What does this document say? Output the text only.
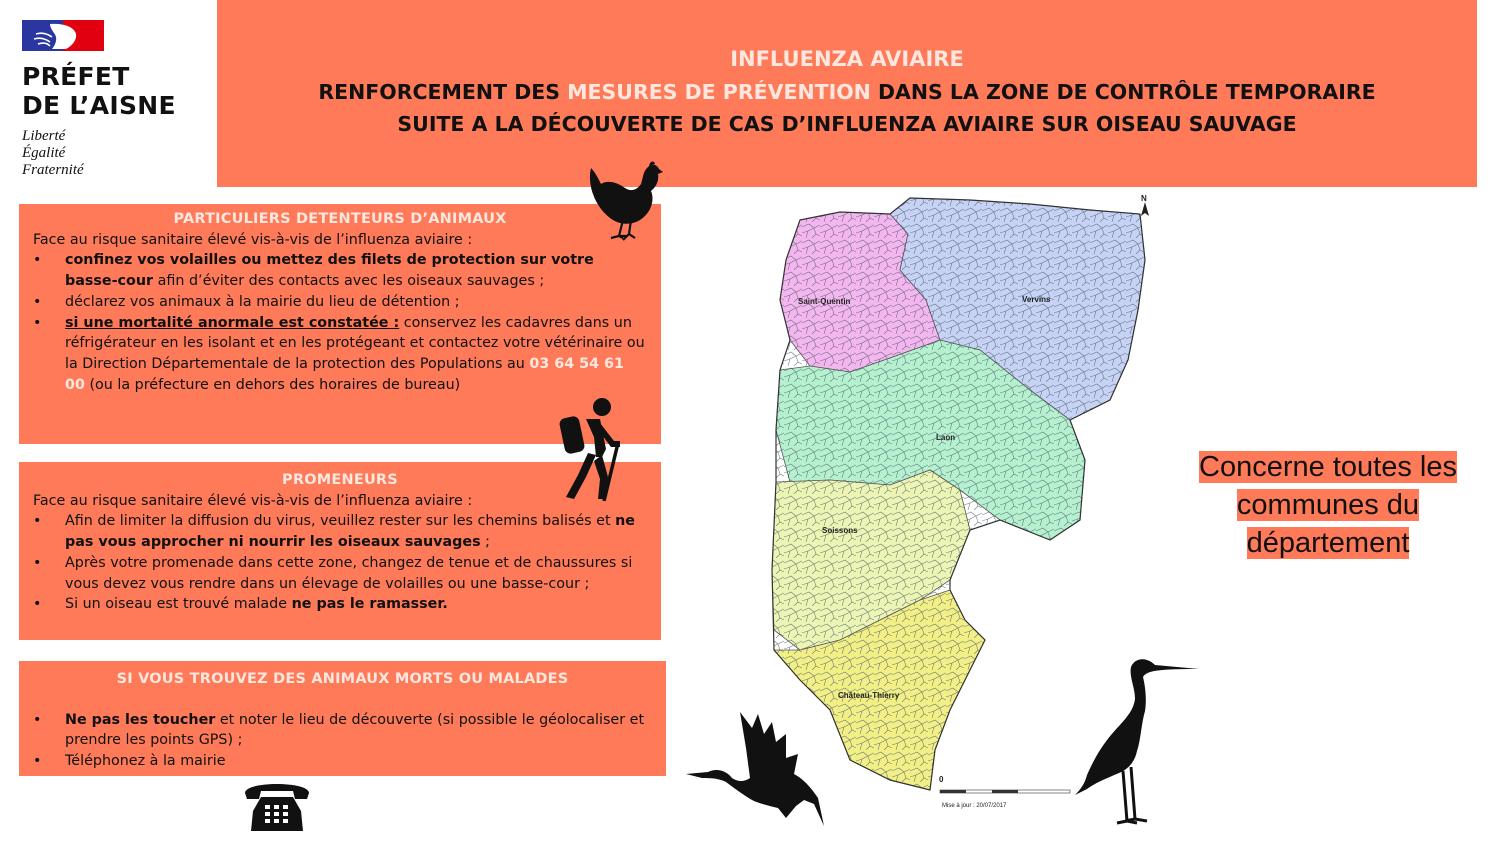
PRÉFET
DE L’AISNE
Liberté
Égalité
Fraternité
INFLUENZA AVIAIRE
RENFORCEMENT DES MESURES DE PRÉVENTION DANS LA ZONE DE CONTRÔLE TEMPORAIRE
SUITE A LA DÉCOUVERTE DE CAS D’INFLUENZA AVIAIRE SUR OISEAU SAUVAGE
PARTICULIERS DETENTEURS D’ANIMAUX
Face au risque sanitaire élevé vis-à-vis de l’influenza aviaire :
• confinez vos volailles ou mettez des filets de protection sur votre basse-cour afin d’éviter des contacts avec les oiseaux sauvages ;
• déclarez vos animaux à la mairie du lieu de détention ;
• si une mortalité anormale est constatée : conservez les cadavres dans un réfrigérateur en les isolant et en les protégeant et contactez votre vétérinaire ou la Direction Départementale de la protection des Populations au 03 64 54 61 00 (ou la préfecture en dehors des horaires de bureau)
PROMENEURS
Face au risque sanitaire élevé vis-à-vis de l’influenza aviaire :
• Afin de limiter la diffusion du virus, veuillez rester sur les chemins balisés et ne pas vous approcher ni nourrir les oiseaux sauvages ;
• Après votre promenade dans cette zone, changez de tenue et de chaussures si vous devez vous rendre dans un élevage de volailles ou une basse-cour ;
• Si un oiseau est trouvé malade ne pas le ramasser.
SI VOUS TROUVEZ DES ANIMAUX MORTS OU MALADES
• Ne pas les toucher et noter le lieu de découverte (si possible le géolocaliser et prendre les points GPS) ;
• Téléphonez à la mairie
Saint-Quentin	Vervins
Laon
Soissons
Château-Thierry
N
0
Mise à jour : 20/07/2017
Concerne toutes les communes du département
